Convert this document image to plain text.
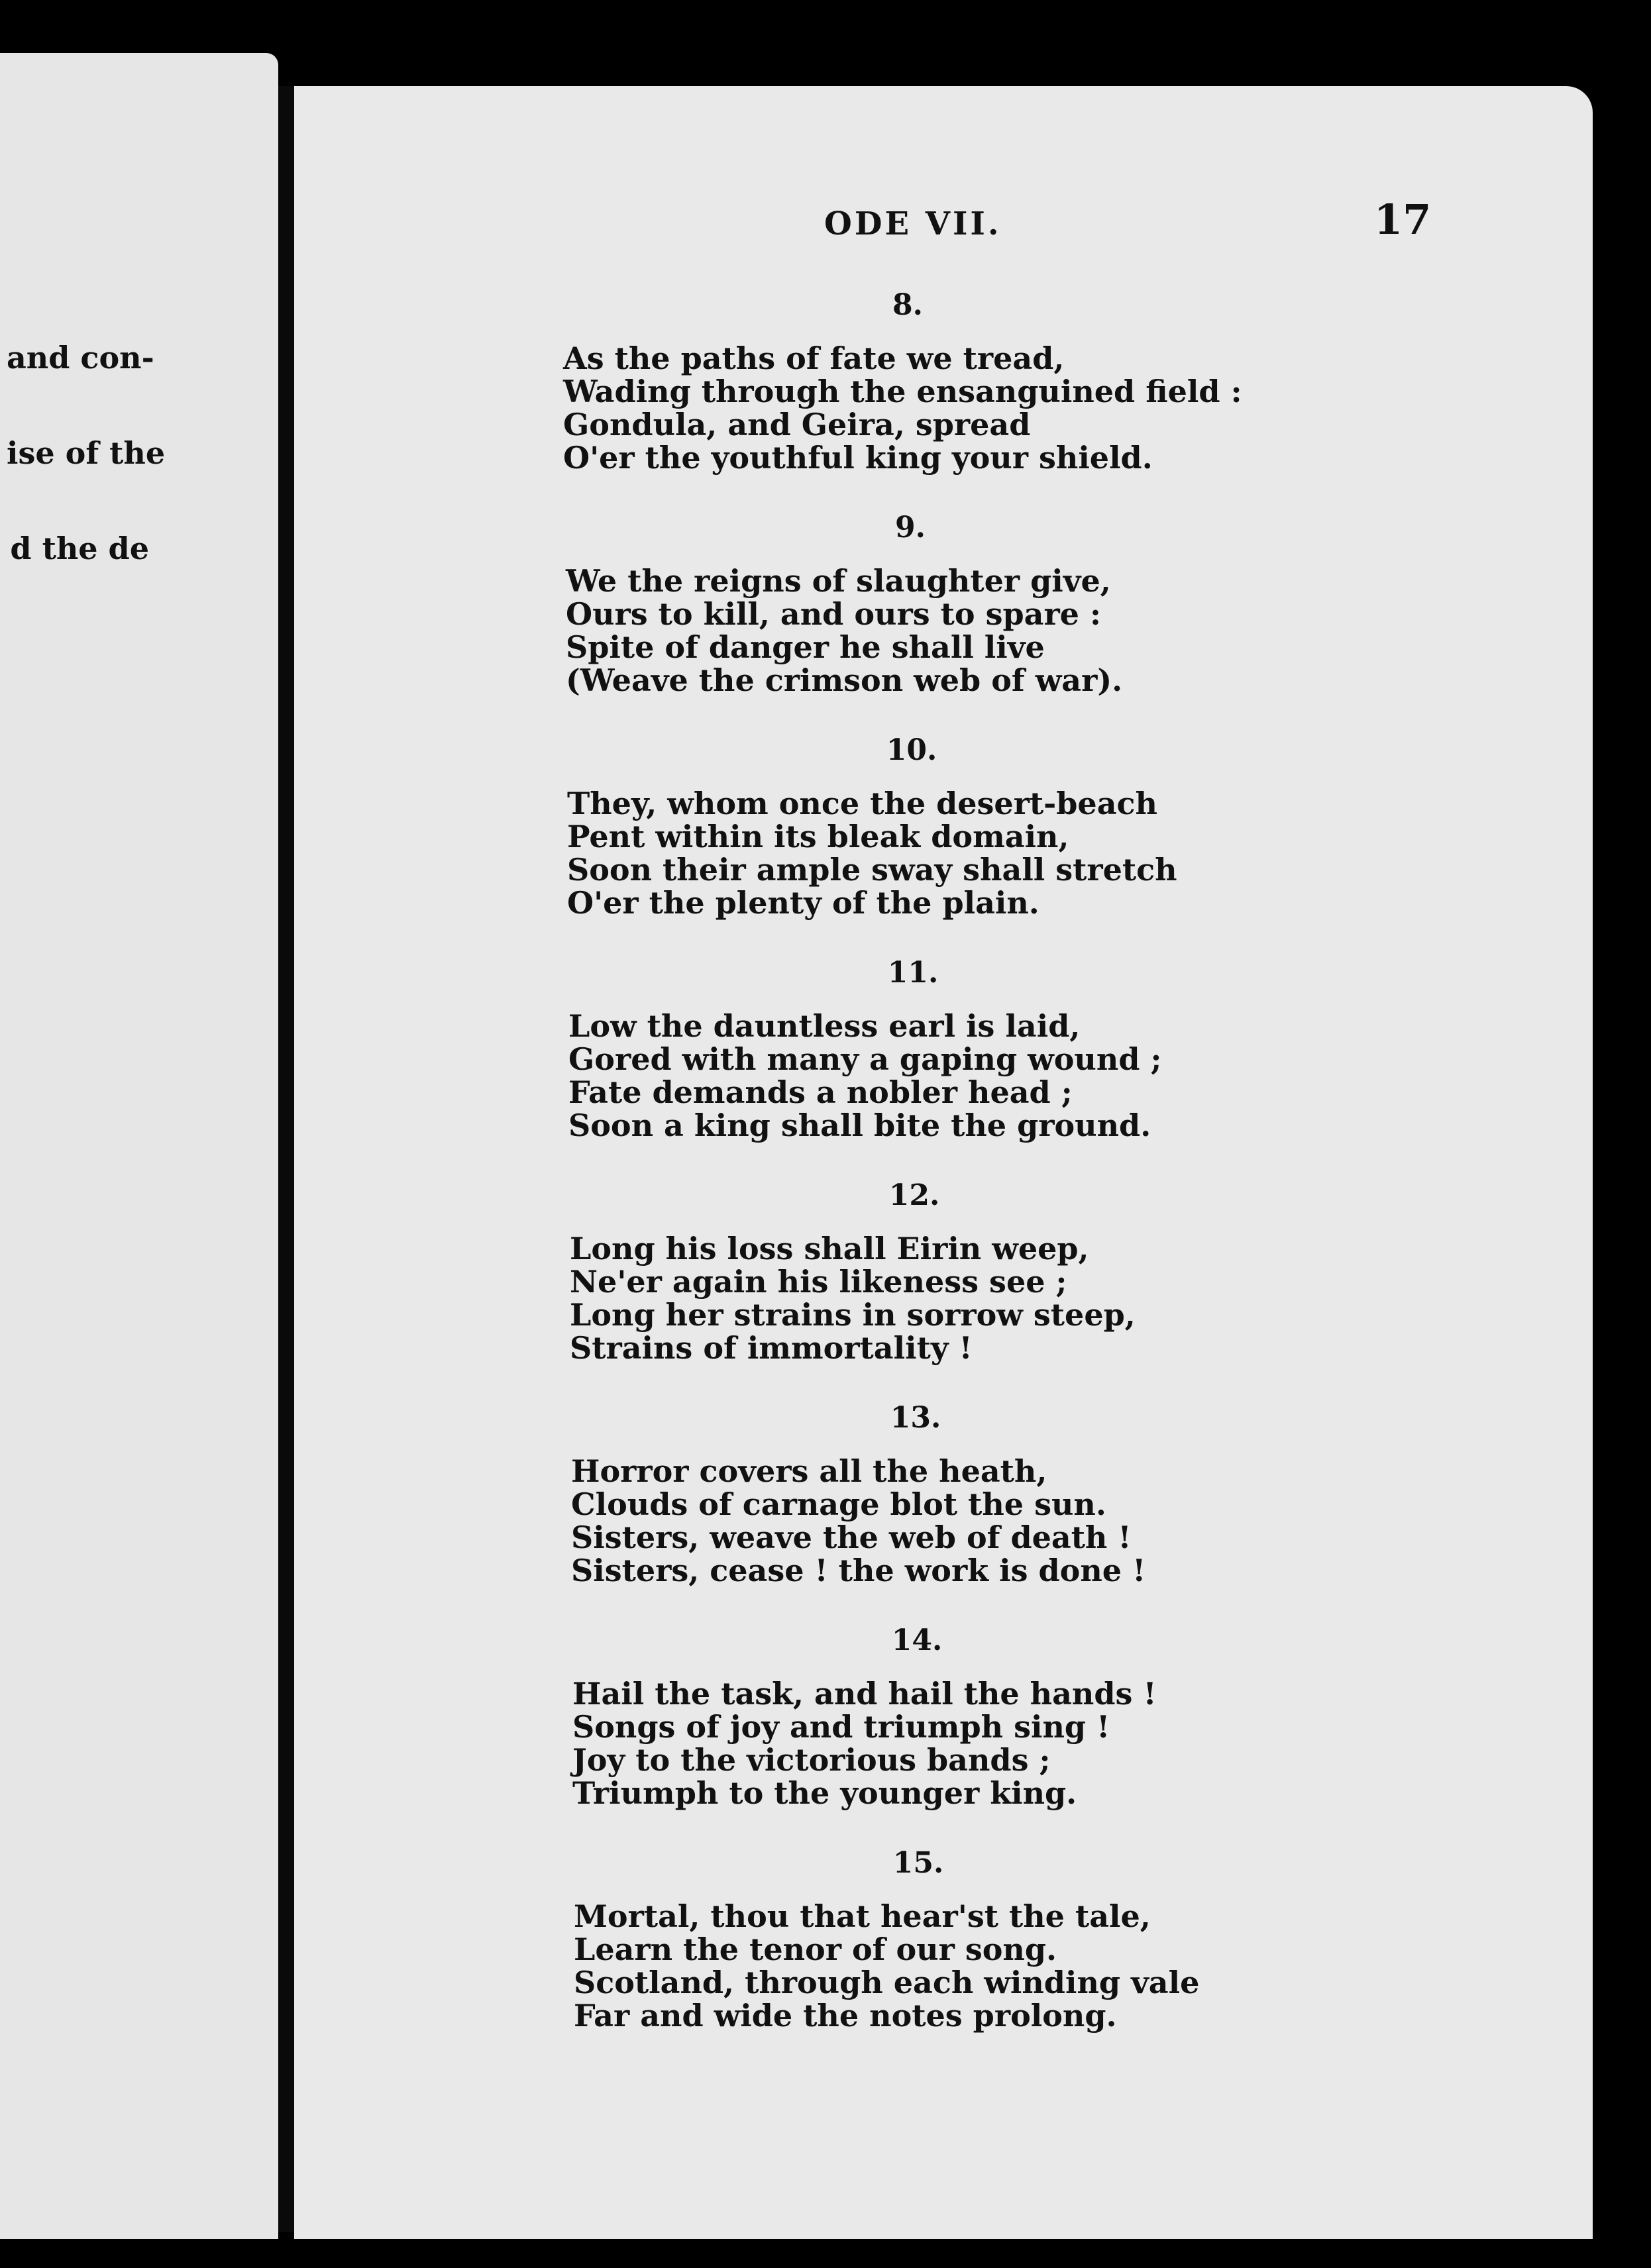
and con-

ise of the

d the de

ODE VII.	17
8.
As the paths of fate we tread,
Wading through the ensanguined field :
Gondula, and Geira, spread
O'er the youthful king your shield.
9.
We the reigns of slaughter give,
Ours to kill, and ours to spare :
Spite of danger he shall live
(Weave the crimson web of war).
10.
They, whom once the desert-beach
Pent within its bleak domain,
Soon their ample sway shall stretch
O'er the plenty of the plain.
11.
Low the dauntless earl is laid,
Gored with many a gaping wound ;
Fate demands a nobler head ;
Soon a king shall bite the ground.
12.
Long his loss shall Eirin weep,
Ne'er again his likeness see ;
Long her strains in sorrow steep,
Strains of immortality !
13.
Horror covers all the heath,
Clouds of carnage blot the sun.
Sisters, weave the web of death !
Sisters, cease ! the work is done !
14.
Hail the task, and hail the hands !
Songs of joy and triumph sing !
Joy to the victorious bands ;
Triumph to the younger king.
15.
Mortal, thou that hear'st the tale,
Learn the tenor of our song.
Scotland, through each winding vale
Far and wide the notes prolong.
